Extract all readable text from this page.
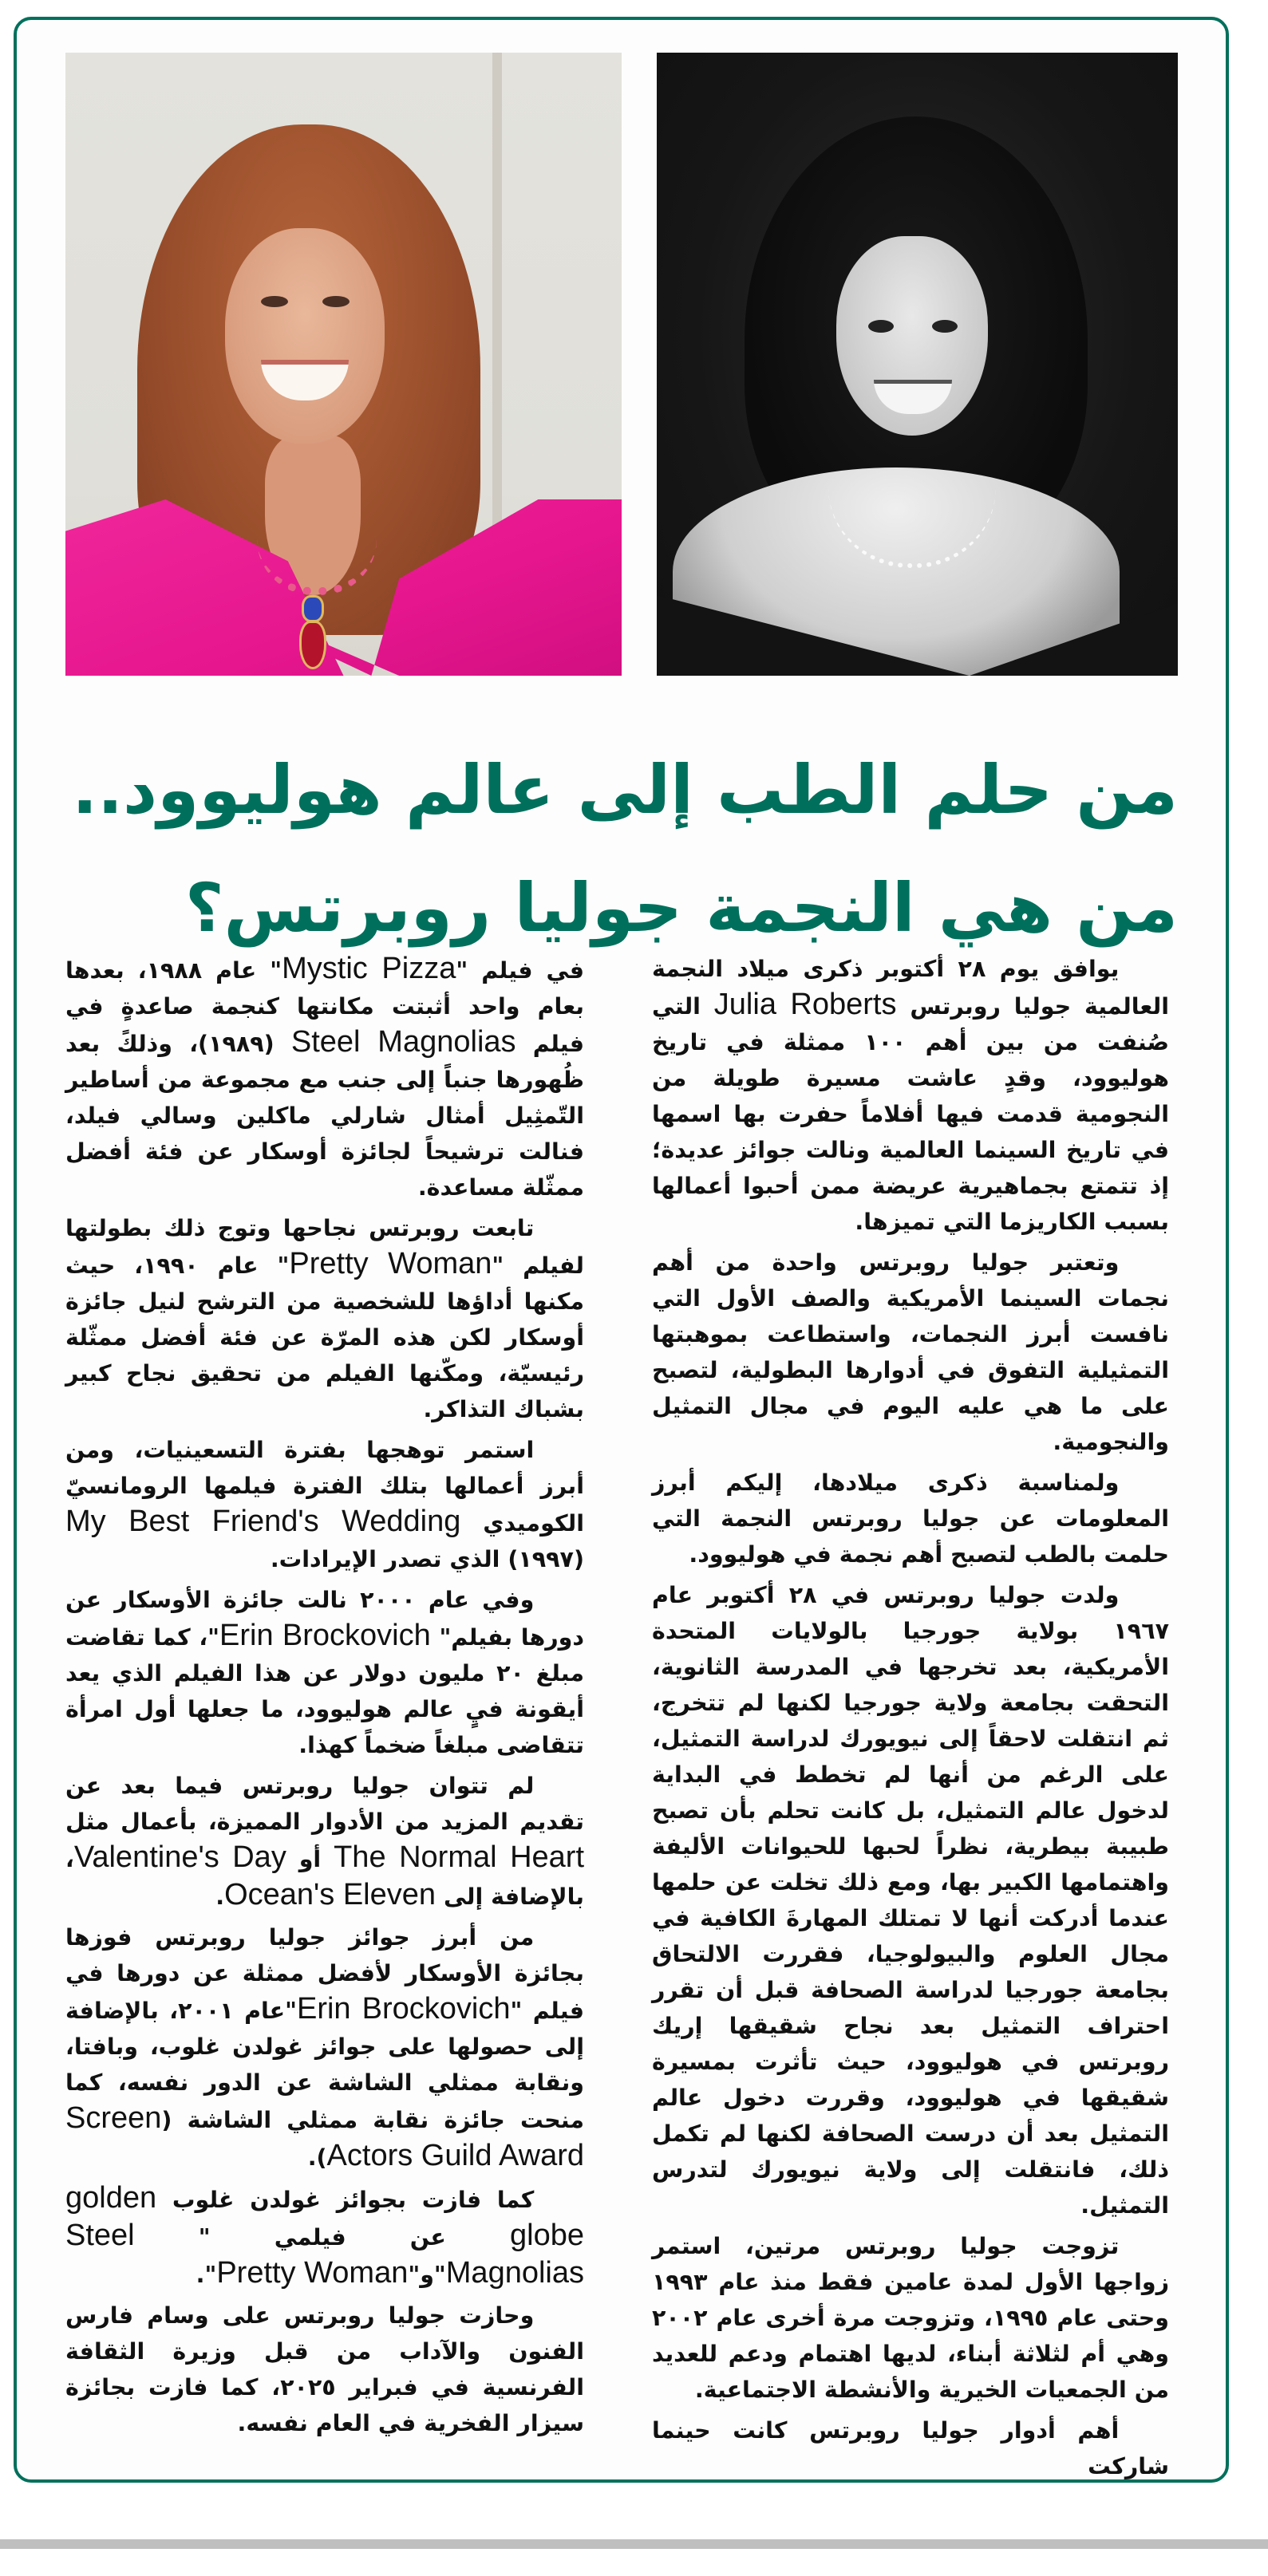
من حلم الطب إلى عالم هوليوود..
من هي النجمة جوليا روبرتس؟

يوافق يوم ٢٨ أكتوبر ذكرى ميلاد النجمة العالمية جوليا روبرتس Julia Roberts التي صُنفت من بين أهم ١٠٠ ممثلة في تاريخ هوليوود، وقدٍ عاشت مسيرة طويلة من النجومية قدمت فيها أفلاماً حفرت بها اسمها في تاريخ السينما العالمية ونالت جوائز عديدة؛ إذ تتمتع بجماهيرية عريضة ممن أحبوا أعمالها بسبب الكاريزما التي تميزها.

وتعتبر جوليا روبرتس واحدة من أهم نجمات السينما الأمريكية والصف الأول التي نافست أبرز النجمات، واستطاعت بموهبتها التمثيلية التفوق في أدوارها البطولية، لتصبح على ما هي عليه اليوم في مجال التمثيل والنجومية.

ولمناسبة ذكرى ميلادها، إليكم أبرز المعلومات عن جوليا روبرتس النجمة التي حلمت بالطب لتصبح أهم نجمة في هوليوود.

ولدت جوليا روبرتس في ٢٨ أكتوبر عام ١٩٦٧ بولاية جورجيا بالولايات المتحدة الأمريكية، بعد تخرجها في المدرسة الثانوية، التحقت بجامعة ولاية جورجيا لكنها لم تتخرج، ثم انتقلت لاحقاً إلى نيويورك لدراسة التمثيل، على الرغم من أنها لم تخطط في البداية لدخول عالم التمثيل، بل كانت تحلم بأن تصبح طبيبة بيطرية، نظراً لحبها للحيوانات الأليفة واهتمامها الكبير بها، ومع ذلك تخلت عن حلمها عندما أدركت أنها لا تمتلك المهارةَ الكافية في مجال العلوم والبيولوجيا، فقررت الالتحاق بجامعة جورجيا لدراسة الصحافة قبل أن تقرر احتراف التمثيل بعد نجاح شقيقها إريك روبرتس في هوليوود، حيث تأثرت بمسيرة شقيقها في هوليوود، وقررت دخول عالم التمثيل بعد أن درست الصحافة لكنها لم تكمل ذلك، فانتقلت إلى ولاية نيويورك لتدرس التمثيل.

تزوجت جوليا روبرتس مرتين، استمر زواجها الأول لمدة عامين فقط منذ عام ١٩٩٣ وحتى عام ١٩٩٥، وتزوجت مرة أخرى عام ٢٠٠٢ وهي أم لثلاثة أبناء، لديها اهتمام ودعم للعديد من الجمعيات الخيرية والأنشطة الاجتماعية.

أهم أدوار جوليا روبرتس كانت حينما شاركت

في فيلم "Mystic Pizza" عام ١٩٨٨، بعدها بعام واحد أثبتت مكانتها كنجمة صاعدةٍ في فيلم Steel Magnolias (١٩٨٩)، وذلكً بعد ظُهورها جنباً إلى جنب مع مجموعة من أساطير التّمثِيل أمثال شارلي ماكلين وسالي فيلد، فنالت ترشيحاً لجائزة أوسكار عن فئة أفضل ممثّلة مساعدة.

تابعت روبرتس نجاحها وتوج ذلك بطولتها لفيلم "Pretty Woman" عام ١٩٩٠، حيث مكنها أداؤها للشخصية من الترشح لنيل جائزة أوسكار لكن هذه المرّة عن فئة أفضل ممثّلة رئيسيّة، ومكّنها الفيلم من تحقيق نجاح كبير بشباك التذاكر.

استمر توهجها بفترة التسعينيات، ومن أبرز أعمالها بتلك الفترة فيلمها الرومانسيّ الكوميدي My Best Friend's Wedding (١٩٩٧) الذي تصدر الإيرادات.

وفي عام ٢٠٠٠ نالت جائزة الأوسكار عن دورها بفيلم" Erin Brockovich"، كما تقاضت مبلغ ٢٠ مليون دولار عن هذا الفيلم الذي يعد أيقونة فيٍ عالم هوليوود، ما جعلها أول امرأة تتقاضى مبلغاً ضخماً كهذا.

لم تتوان جوليا روبرتس فيما بعد عن تقديم المزيد من الأدوار المميزة، بأعمال مثل The Normal Heart أو Valentine's Day، بالإضافة إلى Ocean's Eleven.

من أبرز جوائز جوليا روبرتس فوزها بجائزة الأوسكار لأفضل ممثلة عن دورها في فيلم "Erin Brockovich"عام ٢٠٠١، بالإضافة إلى حصولها على جوائز غولدن غلوب، وبافتا، ونقابة ممثلي الشاشة عن الدور نفسه، كما منحت جائزة نقابة ممثلي الشاشة (Screen Actors Guild Award).

كما فازت بجوائز غولدن غلوب golden globe عن فيلمي " Steel Magnolias"و"Pretty Woman".

وحازت جوليا روبرتس على وسام فارس الفنون والآداب من قبل وزيرة الثقافة الفرنسية في فبراير ٢٠٢٥، كما فازت بجائزة سيزار الفخرية في العام نفسه.
